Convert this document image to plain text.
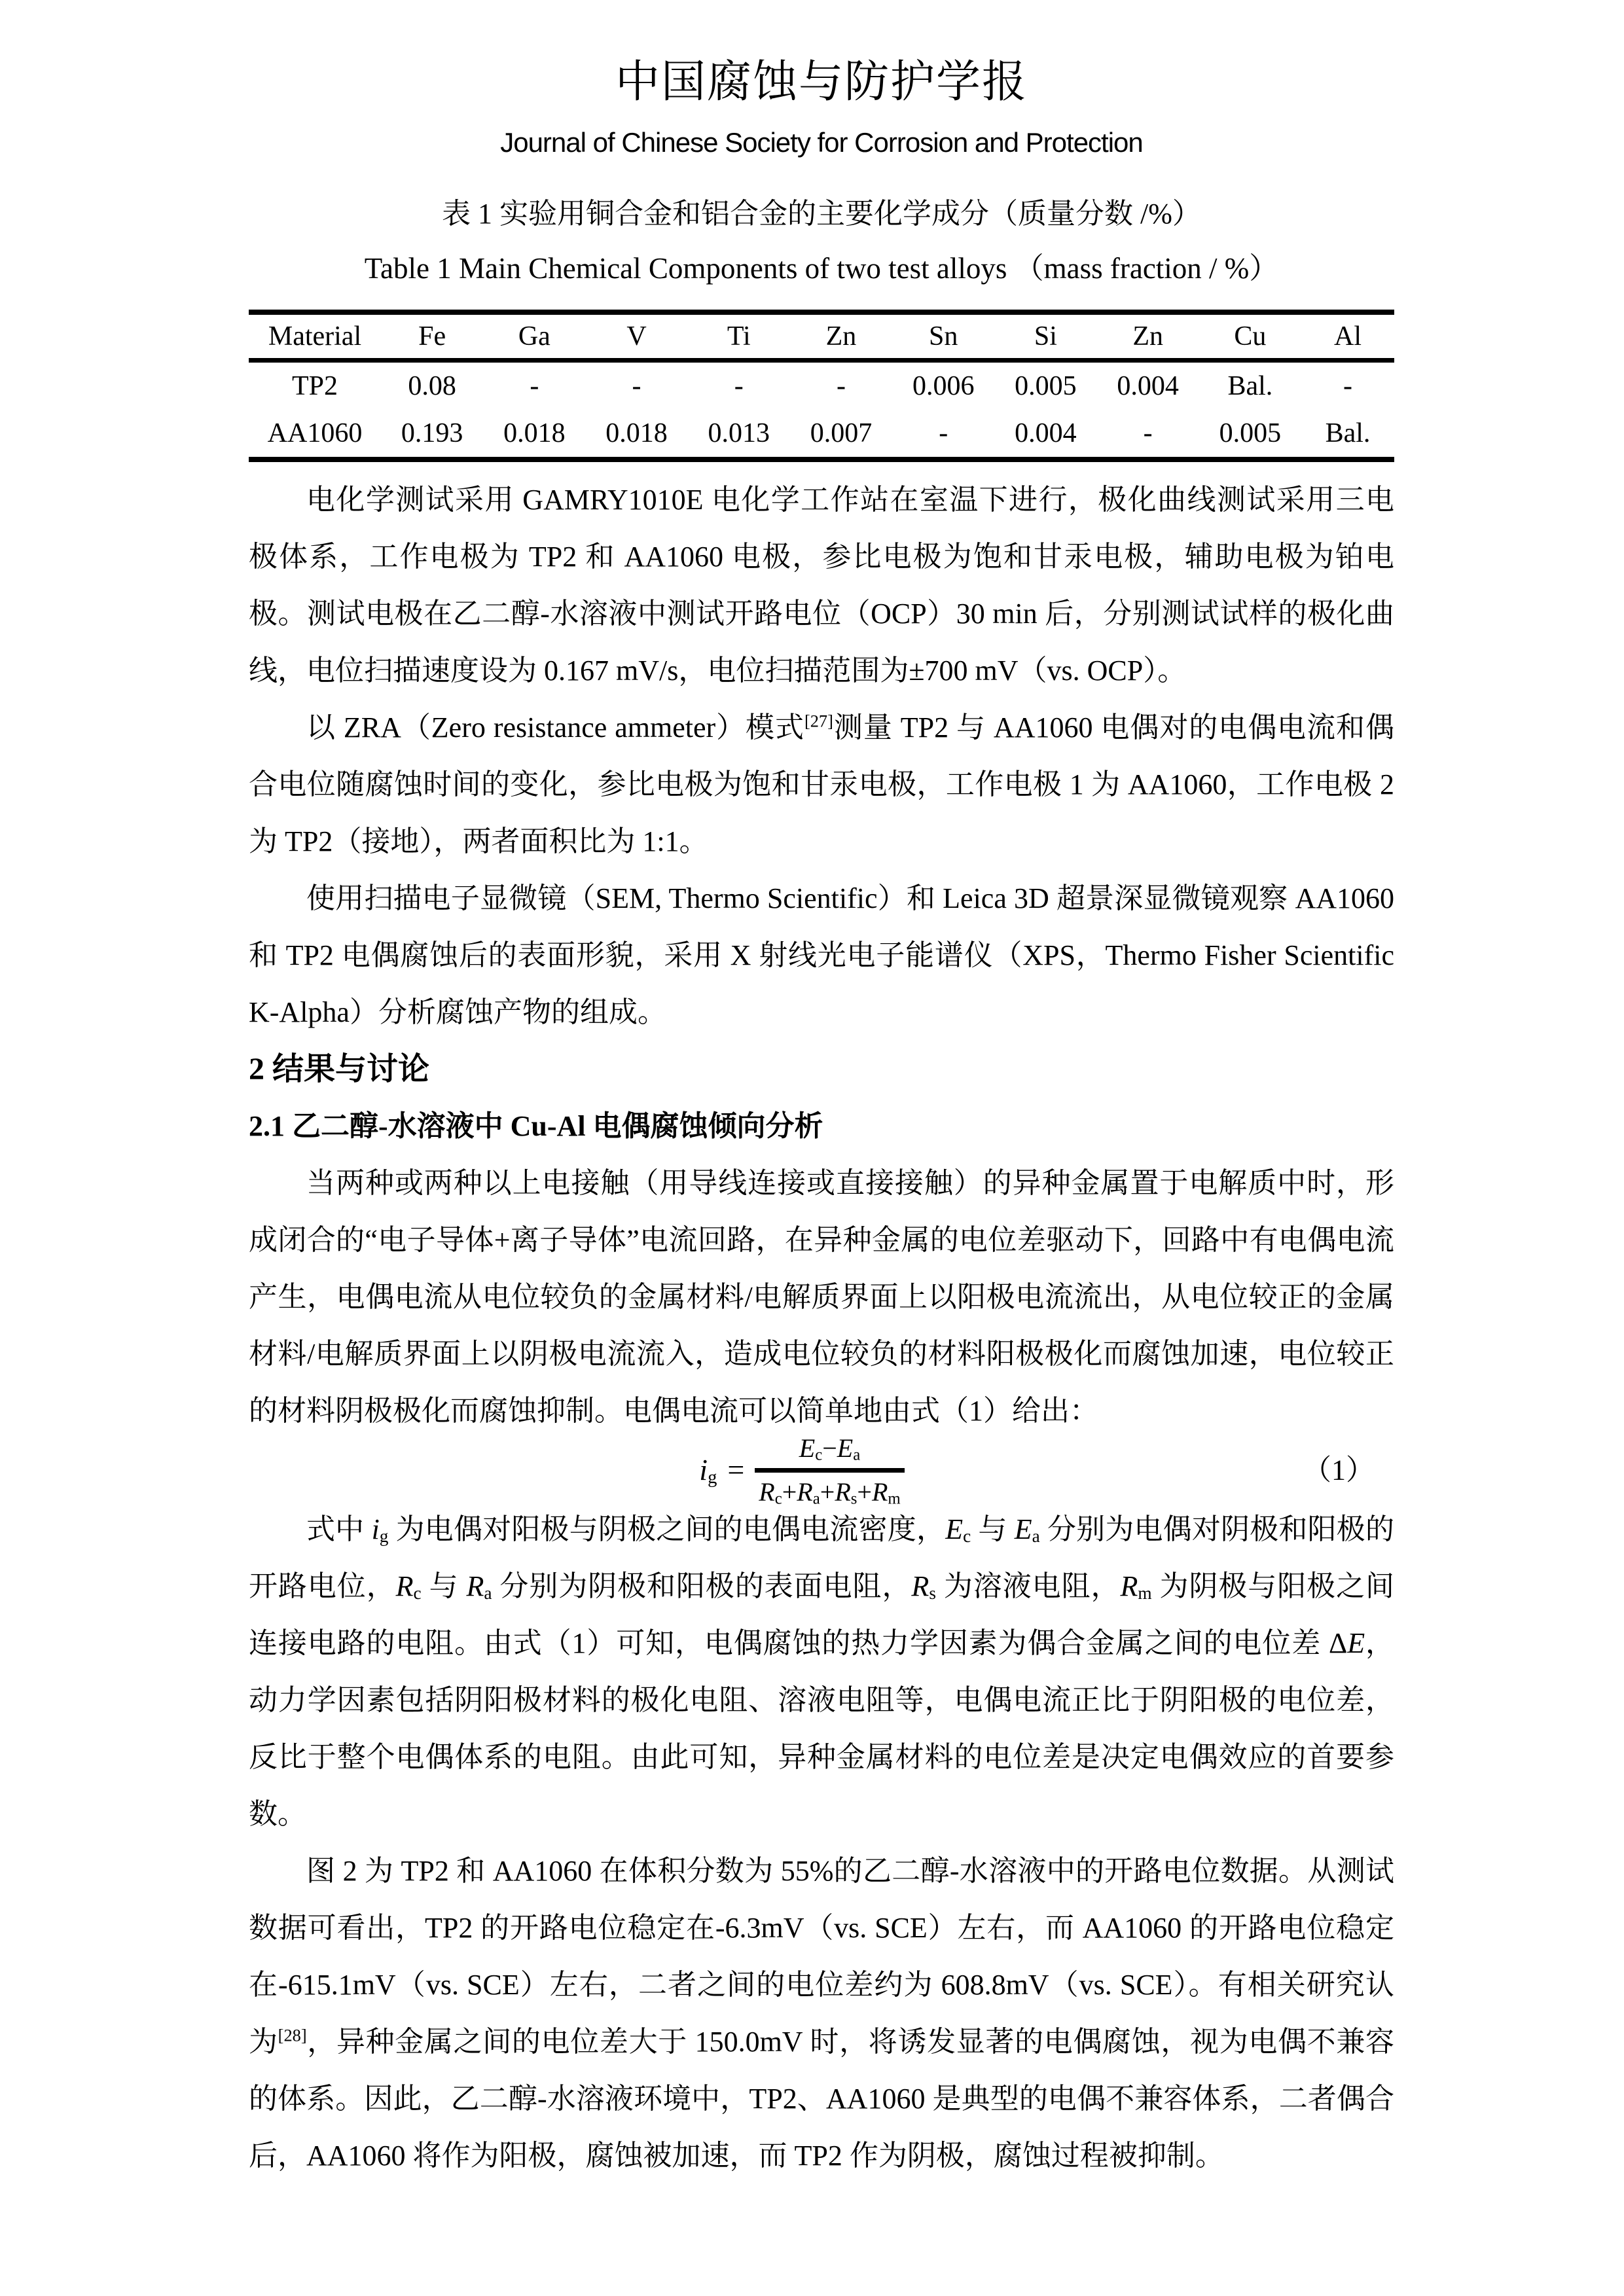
中国腐蚀与防护学报
Journal of Chinese Society for Corrosion and Protection
表 1 实验用铜合金和铝合金的主要化学成分（质量分数 /%）
Table 1 Main Chemical Components of two test alloys （mass fraction / %）
Material	Fe	Ga	V	Ti	Zn	Sn	Si	Zn	Cu	Al
TP2	0.08	-	-	-	-	0.006	0.005	0.004	Bal.	-
AA1060	0.193	0.018	0.018	0.013	0.007	-	0.004	-	0.005	Bal.

电化学测试采用 GAMRY1010E 电化学工作站在室温下进行，极化曲线测试采用三电极体系，工作电极为 TP2 和 AA1060 电极，参比电极为饱和甘汞电极，辅助电极为铂电极。测试电极在乙二醇-水溶液中测试开路电位（OCP）30 min 后，分别测试试样的极化曲线，电位扫描速度设为 0.167 mV/s，电位扫描范围为±700 mV（vs. OCP）。

以 ZRA（Zero resistance ammeter）模式[27]测量 TP2 与 AA1060 电偶对的电偶电流和偶合电位随腐蚀时间的变化，参比电极为饱和甘汞电极，工作电极 1 为 AA1060，工作电极 2 为 TP2（接地），两者面积比为 1:1。

使用扫描电子显微镜（SEM, Thermo Scientific）和 Leica 3D 超景深显微镜观察 AA1060 和 TP2 电偶腐蚀后的表面形貌，采用 X 射线光电子能谱仪（XPS，Thermo Fisher Scientific K-Alpha）分析腐蚀产物的组成。

2 结果与讨论
2.1 乙二醇-水溶液中 Cu-Al 电偶腐蚀倾向分析

当两种或两种以上电接触（用导线连接或直接接触）的异种金属置于电解质中时，形成闭合的“电子导体+离子导体”电流回路，在异种金属的电位差驱动下，回路中有电偶电流产生，电偶电流从电位较负的金属材料/电解质界面上以阳极电流流出，从电位较正的金属材料/电解质界面上以阴极电流流入，造成电位较负的材料阳极极化而腐蚀加速，电位较正的材料阴极极化而腐蚀抑制。电偶电流可以简单地由式（1）给出：

$i_g$ =
$E_c-E_a$
$R_c+R_a+R_s+R_m$
（1）

式中 $i_g$ 为电偶对阳极与阴极之间的电偶电流密度，$E_c$ 与 $E_a$ 分别为电偶对阴极和阳极的开路电位，$R_c$ 与 $R_a$ 分别为阴极和阳极的表面电阻，$R_s$ 为溶液电阻，$R_m$ 为阴极与阳极之间连接电路的电阻。由式（1）可知，电偶腐蚀的热力学因素为偶合金属之间的电位差 ΔE，动力学因素包括阴阳极材料的极化电阻、溶液电阻等，电偶电流正比于阴阳极的电位差，反比于整个电偶体系的电阻。由此可知，异种金属材料的电位差是决定电偶效应的首要参数。

图 2 为 TP2 和 AA1060 在体积分数为 55%的乙二醇-水溶液中的开路电位数据。从测试数据可看出，TP2 的开路电位稳定在-6.3mV（vs. SCE）左右，而 AA1060 的开路电位稳定在-615.1mV（vs. SCE）左右，二者之间的电位差约为 608.8mV（vs. SCE）。有相关研究认为[28]，异种金属之间的电位差大于 150.0mV 时，将诱发显著的电偶腐蚀，视为电偶不兼容的体系。因此，乙二醇-水溶液环境中，TP2、AA1060 是典型的电偶不兼容体系，二者偶合后，AA1060 将作为阳极，腐蚀被加速，而 TP2 作为阴极，腐蚀过程被抑制。
